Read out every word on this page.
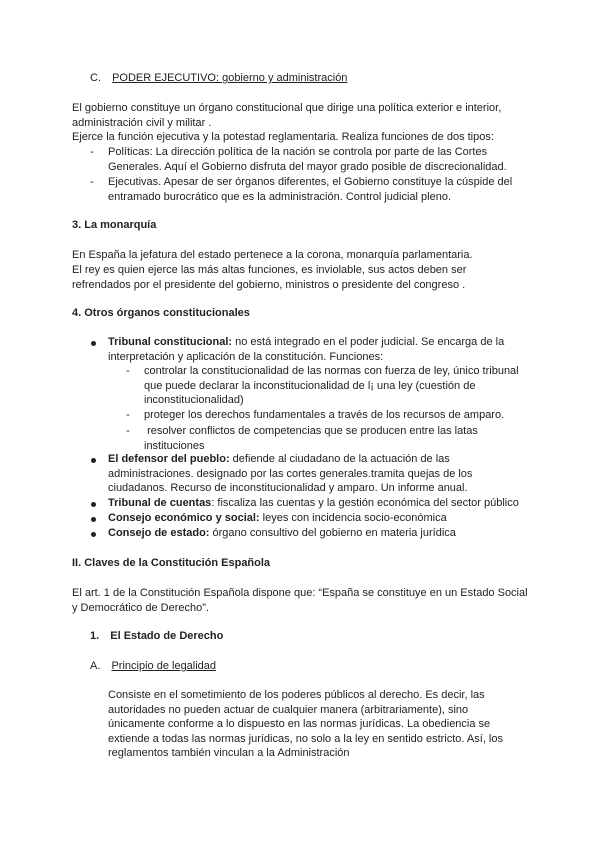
C. PODER EJECUTIVO: gobierno y administración

El gobierno constituye un órgano constitucional que dirige una política exterior e interior, administración civil y militar .

Ejerce la función ejecutiva y la potestad reglamentaria. Realiza funciones de dos tipos:

- Políticas: La dirección política de la nación se controla por parte de las Cortes Generales. Aquí el Gobierno disfruta del mayor grado posible de discrecionalidad.

- Ejecutivas. Apesar de ser órganos diferentes, el Gobierno constituye la cúspide del entramado burocrático que es la administración. Control judicial pleno.

3. La monarquía

En España la jefatura del estado pertenece a la corona, monarquía parlamentaria.

El rey es quien ejerce las más altas funciones, es inviolable, sus actos deben ser refrendados por el presidente del gobierno, ministros o presidente del congreso .

4. Otros órganos constitucionales

Tribunal constitucional: no está integrado en el poder judicial. Se encarga de la interpretación y aplicación de la constitución. Funciones:

- controlar la constitucionalidad de las normas con fuerza de ley, único tribunal que puede declarar la inconstitucionalidad de l¡ una ley (cuestión de inconstitucionalidad)

- proteger los derechos fundamentales a través de los recursos de amparo.

- resolver conflictos de competencias que se producen entre las latas instituciones

El defensor del pueblo: defiende al ciudadano de la actuación de las administraciones. designado por las cortes generales.tramita quejas de los ciudadanos. Recurso de inconstitucionalidad y amparo. Un informe anual.

Tribunal de cuentas: fiscaliza las cuentas y la gestión económica del sector público

Consejo económico y social: leyes con incidencia socio-económica

Consejo de estado: órgano consultivo del gobierno en materia jurídica

II. Claves de la Constitución Española

El art. 1 de la Constitución Española dispone que: “España se constituye en un Estado Social y Democrático de Derecho”.

1. El Estado de Derecho
A. Principio de legalidad

Consiste en el sometimiento de los poderes públicos al derecho. Es decir, las autoridades no pueden actuar de cualquier manera (arbitrariamente), sino únicamente conforme a lo dispuesto en las normas jurídicas. La obediencia se extiende a todas las normas jurídicas, no solo a la ley en sentido estricto. Así, los reglamentos también vinculan a la Administración
